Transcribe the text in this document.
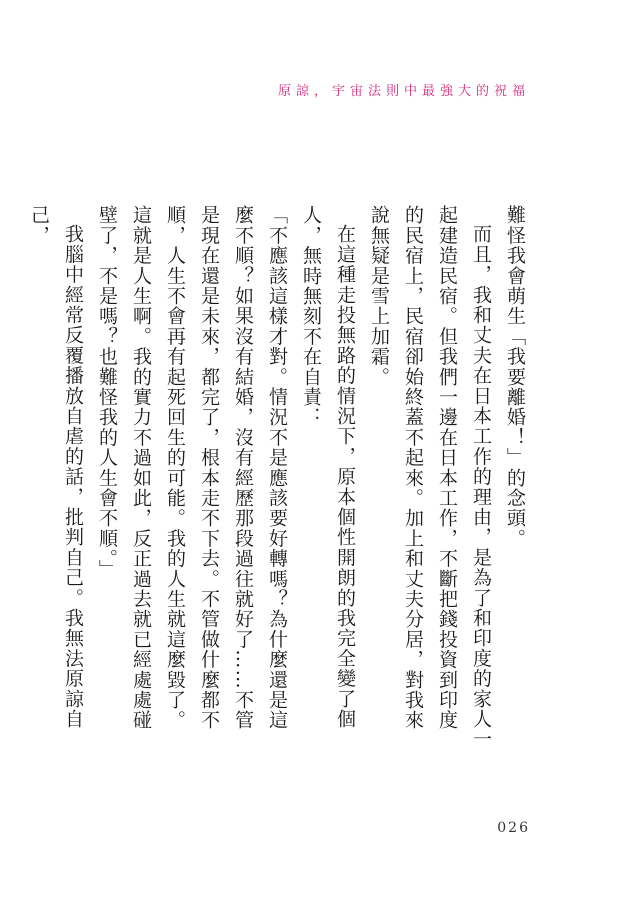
原諒，宇宙法則中最強大的祝福

難怪我會萌生「我要離婚！」的念頭。

而且，我和丈夫在日本工作的理由，是為了和印度的家人一起建造民宿。但我們一邊在日本工作，不斷把錢投資到印度的民宿上，民宿卻始終蓋不起來。加上和丈夫分居，對我來說無疑是雪上加霜。

在這種走投無路的情況下，原本個性開朗的我完全變了個人，無時無刻不在自責：

「不應該這樣才對。情況不是應該要好轉嗎？為什麼還是這麼不順？如果沒有結婚，沒有經歷那段過往就好了……不管是現在還是未來，都完了，根本走不下去。不管做什麼都不順，人生不會再有起死回生的可能。我的人生就這麼毀了。這就是人生啊。我的實力不過如此，反正過去就已經處處碰壁了，不是嗎？也難怪我的人生會不順。」

我腦中經常反覆播放自虐的話，批判自己。我無法原諒自己，

026
